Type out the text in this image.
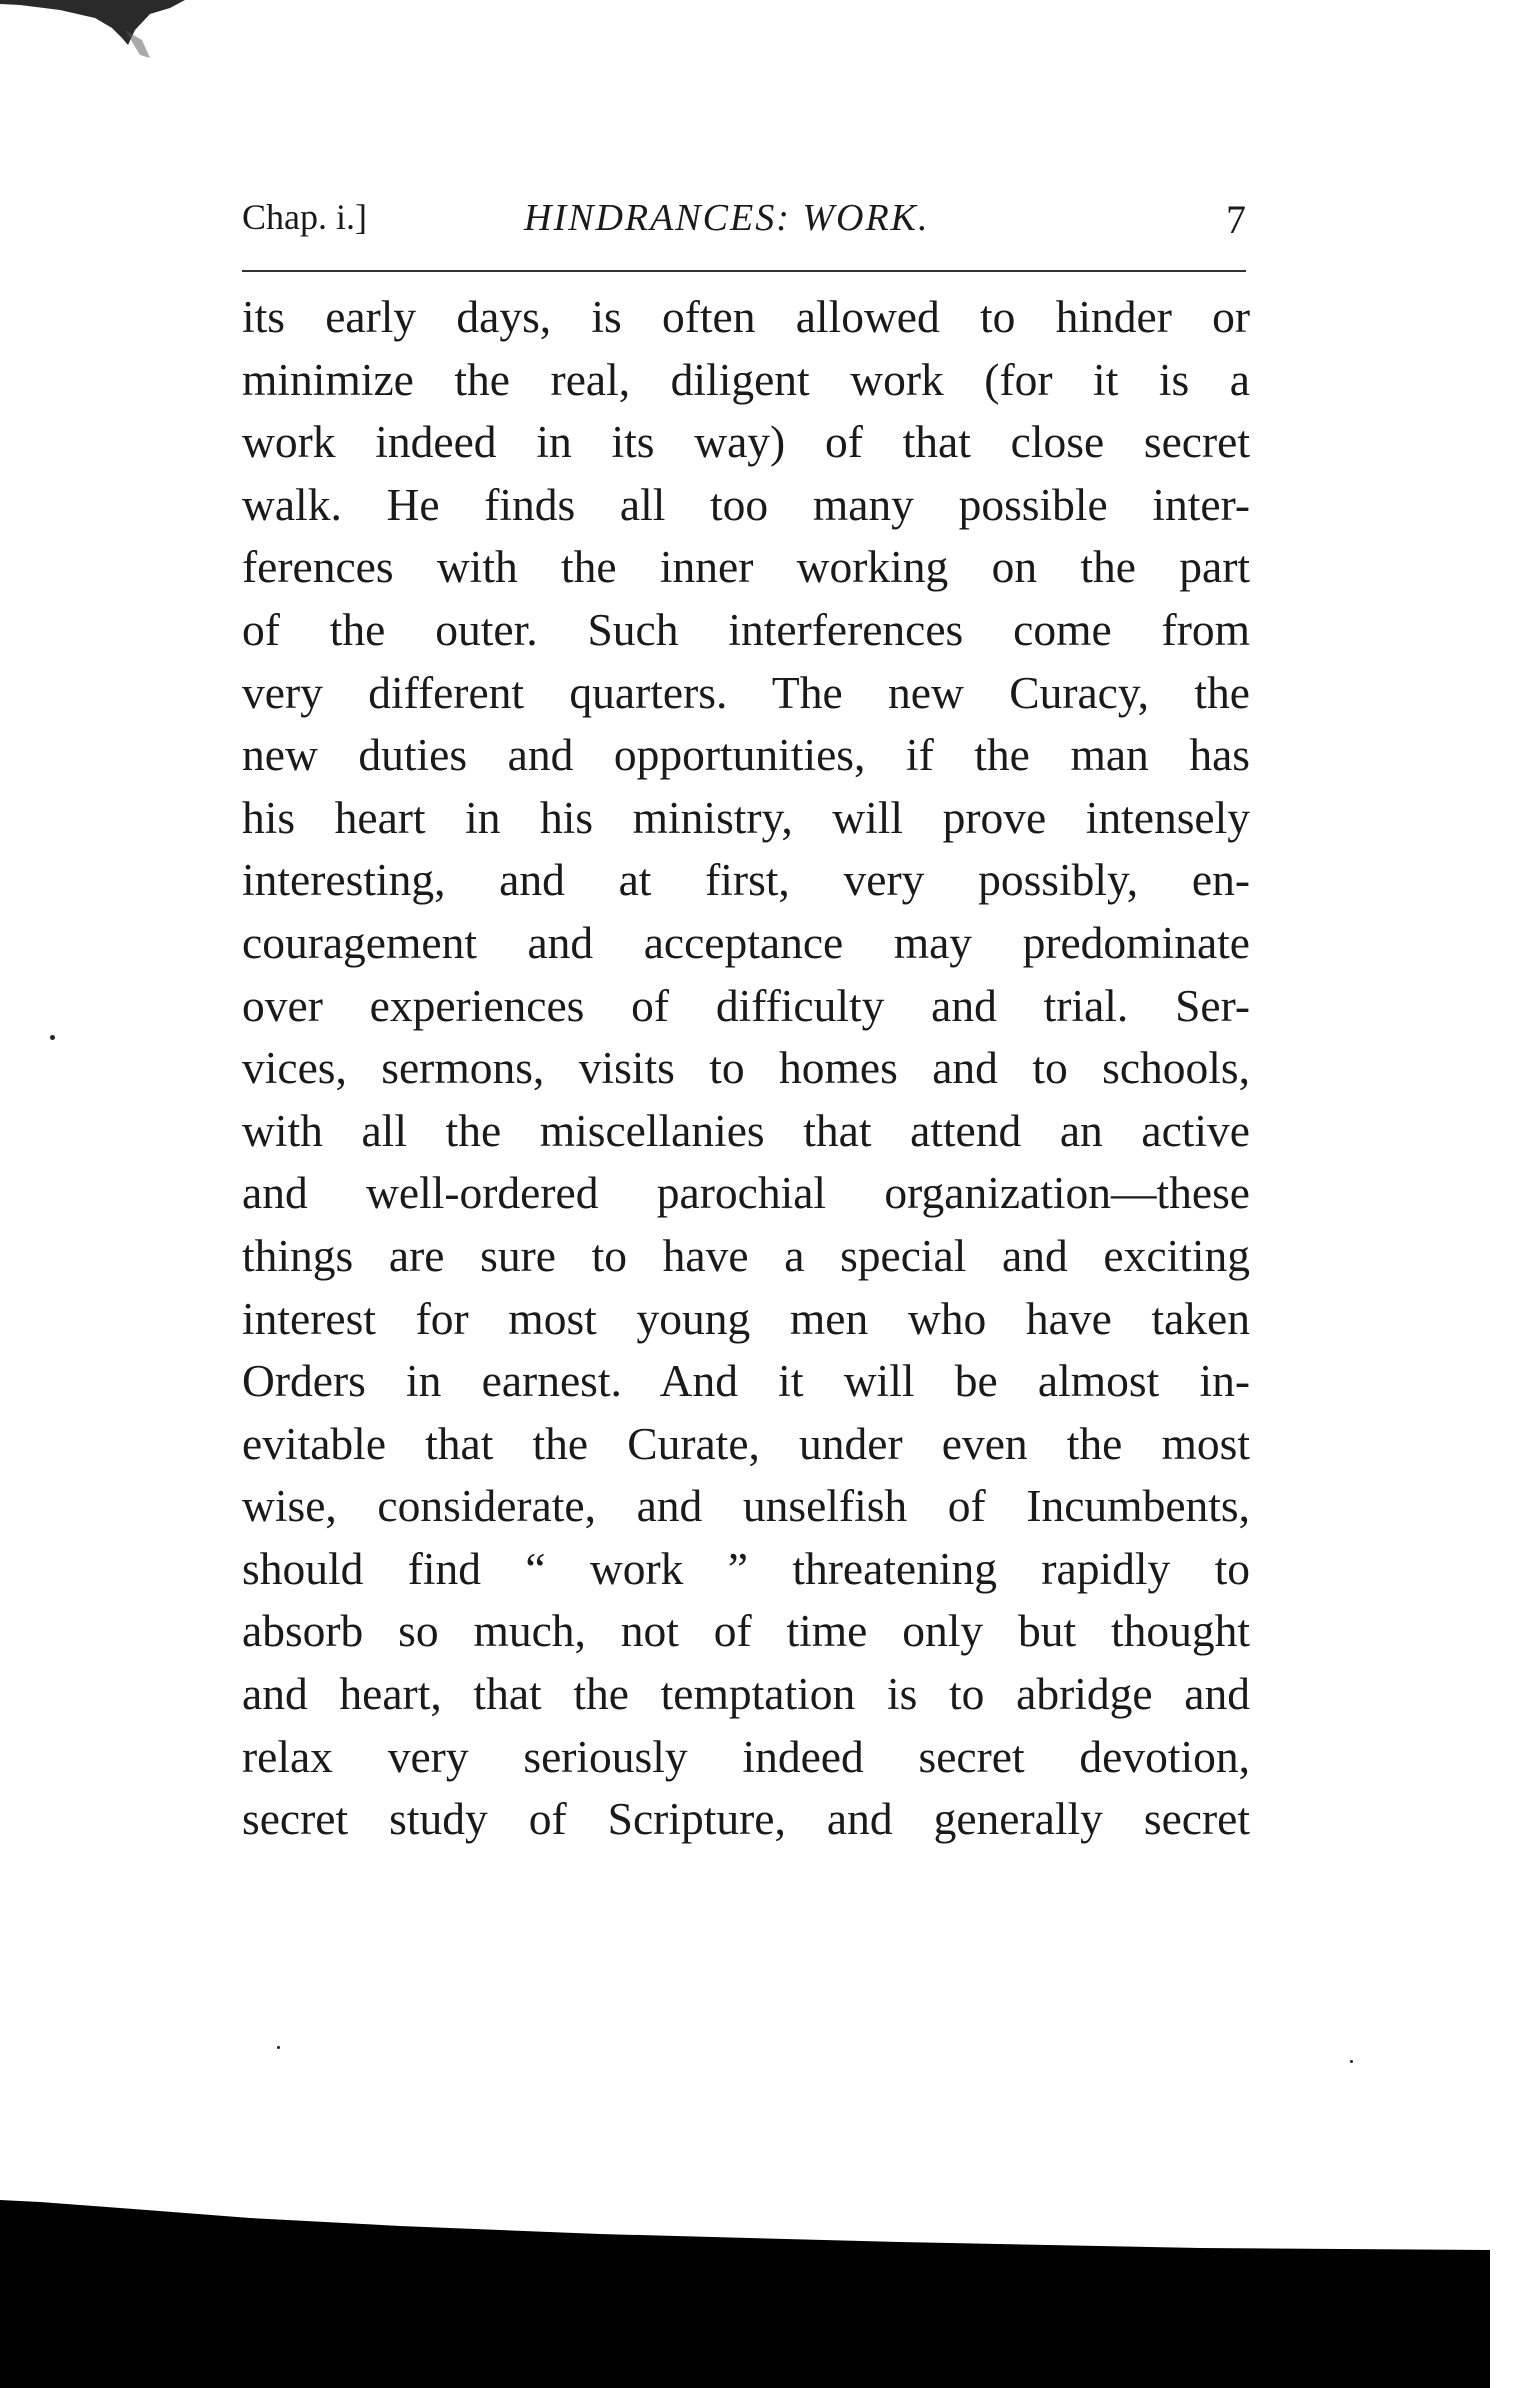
Chap. i.]	HINDRANCES: WORK.	7
its early days, is often allowed to hinder or
minimize the real, diligent work (for it is a
work indeed in its way) of that close secret
walk. He finds all too many possible inter-
ferences with the inner working on the part
of the outer. Such interferences come from
very different quarters. The new Curacy, the
new duties and opportunities, if the man has
his heart in his ministry, will prove intensely
interesting, and at first, very possibly, en-
couragement and acceptance may predominate
over experiences of difficulty and trial. Ser-
vices, sermons, visits to homes and to schools,
with all the miscellanies that attend an active
and well-ordered parochial organization—these
things are sure to have a special and exciting
interest for most young men who have taken
Orders in earnest. And it will be almost in-
evitable that the Curate, under even the most
wise, considerate, and unselfish of Incumbents,
should find “ work ” threatening rapidly to
absorb so much, not of time only but thought
and heart, that the temptation is to abridge and
relax very seriously indeed secret devotion,
secret study of Scripture, and generally secret
